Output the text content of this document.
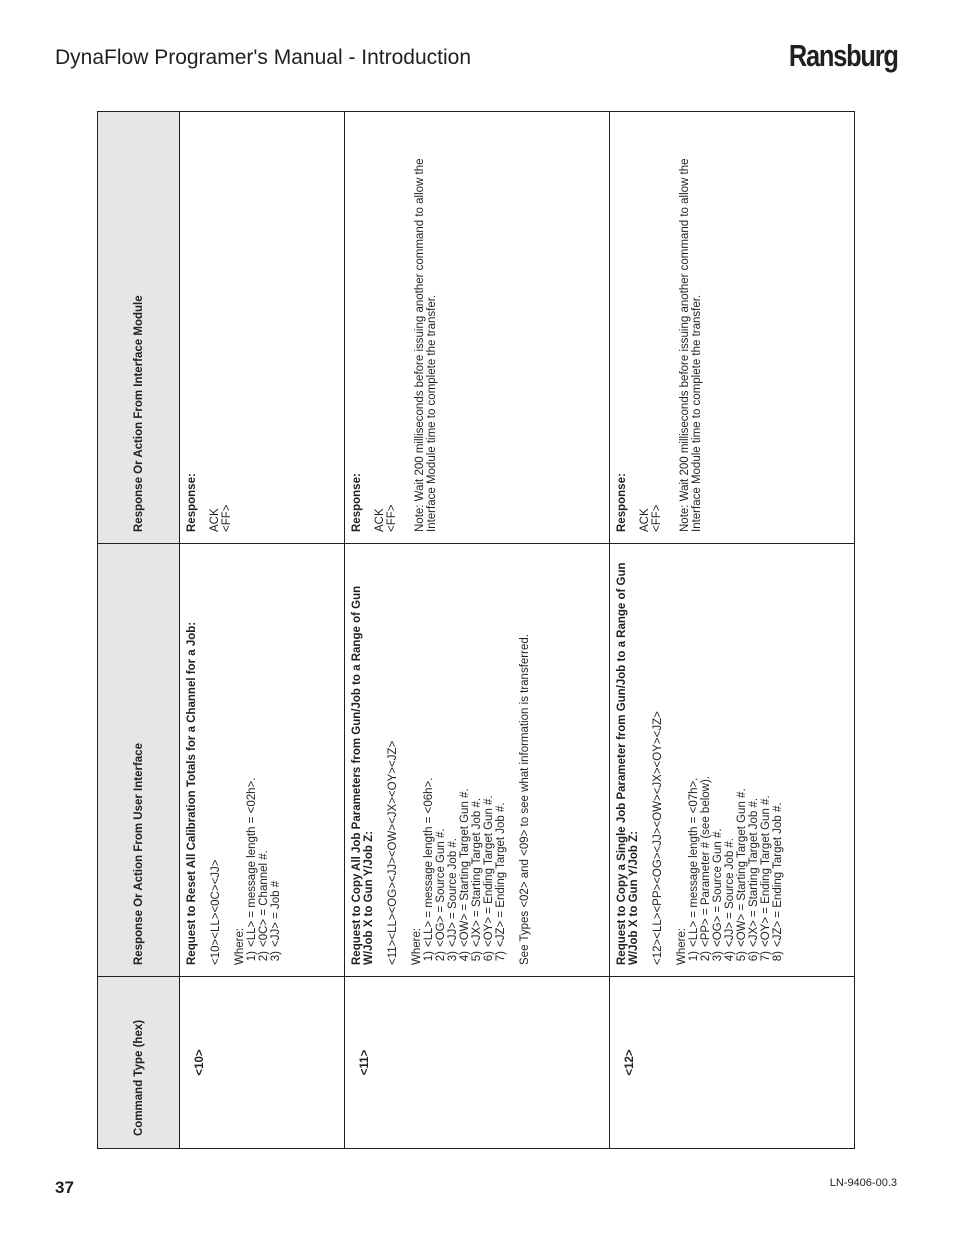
DynaFlow Programer's Manual - Introduction	Ransburg
Command Type (hex)
Response Or Action From User Interface
Response Or Action From Interface Module
<10>
Request to Reset All Calibration Totals for a Channel for a Job: <10><LL><0C><JJ> Where: 1)
<LL> = message length = <02h>.
2)
<0C> = Channel #.
3)
<JJ> = Job #
Response: ACK <FF>
<11>
Request to Copy All Job Parameters from Gun/Job to a Range of Gun W/Job X to Gun Y/Job Z: <11><LL><OG><JJ><OW><JX><OY><JZ> Where: 1)
<LL> = message length = <06h>.
2)
<OG> = Source Gun #.
3)
<JJ> = Source Job #.
4)
<OW> = Starting Target Gun #.
5)
<JX> = Starting Target Job #.
6)
<OY> = Ending Target Gun #.
7)
<JZ> = Ending Target Job #. See Types <02> and <09> to see what information is transferred.
Response: ACK <FF> Note: Wait 200 milliseconds before issuing another command to allow the Interface Module time to complete the transfer.
<12>
Request to Copy a Single Job Parameter from Gun/Job to a Range of Gun W/Job X to Gun Y/Job Z: <12><LL><PP><OG><JJ><OW><JX><OY><JZ> Where: 1)
<LL> = message length = <07h>.
2)
<PP> = Parameter # (see below).
3)
<OG> = Source Gun #.
4)
<JJ> = Source Job #.
5)
<OW> = Starting Target Gun #.
6)
<JX> = Starting Target Job #.
7)
<OY> = Ending Target Gun #.
8)
<JZ> = Ending Target Job #.
Response: ACK <FF> Note: Wait 200 milliseconds before issuing another command to allow the Interface Module time to complete the transfer.
37	LN-9406-00.3
